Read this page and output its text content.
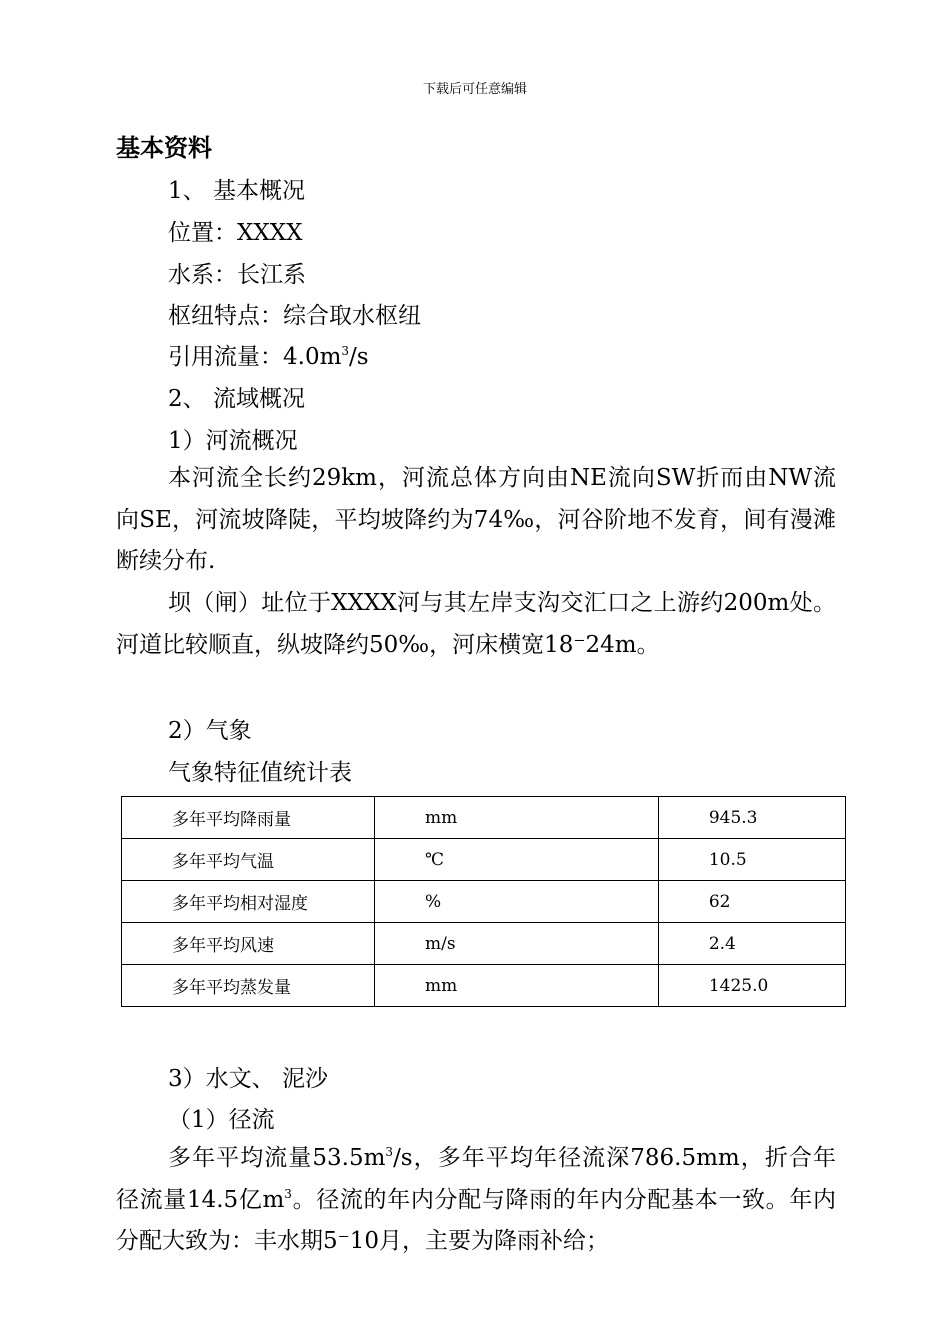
下载后可任意编辑
基本资料
1、 基本概况
位置：XXXX
水系：长江系
枢纽特点：综合取水枢纽
引用流量：$4.0m^3/s$
2、 流域概况
1）河流概况
本河流全长约29km，河流总体方向由NE流向SW折而由NW流向SE，河流坡降陡，平均坡降约为74‰，河谷阶地不发育，间有漫滩断续分布.
坝（闸）址位于XXXX河与其左岸支沟交汇口之上游约200m处。河道比较顺直，纵坡降约50‰，河床横宽18⁻24m。
2）气象
气象特征值统计表
多年平均降雨量	mm	945.3
多年平均气温	℃	10.5
多年平均相对湿度	%	62
多年平均风速	m/s	2.4
多年平均蒸发量	mm	1425.0
3）水文、 泥沙
（1）径流
多年平均流量$53.5m^3/s$，多年平均年径流深786.5mm，折合年径流量14.5亿$m^3$。径流的年内分配与降雨的年内分配基本一致。年内分配大致为：丰水期5⁻10月，主要为降雨补给；
